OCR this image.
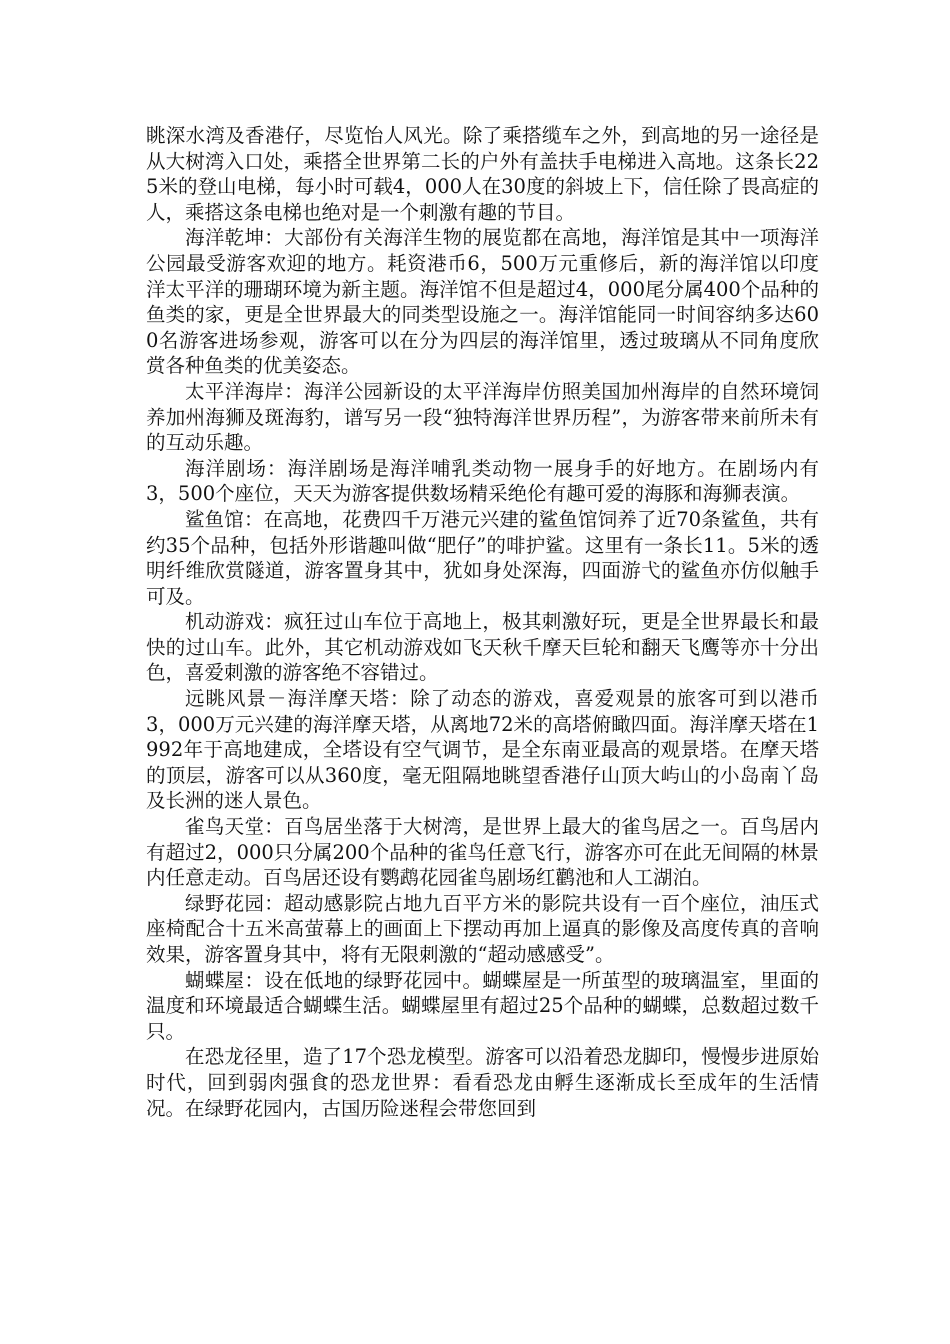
眺深水湾及香港仔，尽览怡人风光。除了乘搭缆车之外，到高地的另一途径是从大树湾入口处，乘搭全世界第二长的户外有盖扶手电梯进入高地。这条长225米的登山电梯，每小时可载4，000人在30度的斜坡上下，信任除了畏高症的人，乘搭这条电梯也绝对是一个刺激有趣的节目。

海洋乾坤：大部份有关海洋生物的展览都在高地，海洋馆是其中一项海洋公园最受游客欢迎的地方。耗资港币6，500万元重修后，新的海洋馆以印度洋太平洋的珊瑚环境为新主题。海洋馆不但是超过4，000尾分属400个品种的鱼类的家，更是全世界最大的同类型设施之一。海洋馆能同一时间容纳多达600名游客进场参观，游客可以在分为四层的海洋馆里，透过玻璃从不同角度欣赏各种鱼类的优美姿态。

太平洋海岸：海洋公园新设的太平洋海岸仿照美国加州海岸的自然环境饲养加州海狮及斑海豹，谱写另一段“独特海洋世界历程”，为游客带来前所未有的互动乐趣。

海洋剧场：海洋剧场是海洋哺乳类动物一展身手的好地方。在剧场内有3，500个座位，天天为游客提供数场精采绝伦有趣可爱的海豚和海狮表演。

鲨鱼馆：在高地，花费四千万港元兴建的鲨鱼馆饲养了近70条鲨鱼，共有约35个品种，包括外形谐趣叫做“肥仔”的啡护鲨。这里有一条长11。5米的透明纤维欣赏隧道，游客置身其中，犹如身处深海，四面游弋的鲨鱼亦仿似触手可及。

机动游戏：疯狂过山车位于高地上，极其刺激好玩，更是全世界最长和最快的过山车。此外，其它机动游戏如飞天秋千摩天巨轮和翻天飞鹰等亦十分出色，喜爱刺激的游客绝不容错过。

远眺风景－海洋摩天塔：除了动态的游戏，喜爱观景的旅客可到以港币3，000万元兴建的海洋摩天塔，从离地72米的高塔俯瞰四面。海洋摩天塔在1992年于高地建成，全塔设有空气调节，是全东南亚最高的观景塔。在摩天塔的顶层，游客可以从360度，毫无阻隔地眺望香港仔山顶大屿山的小岛南丫岛及长洲的迷人景色。

雀鸟天堂：百鸟居坐落于大树湾，是世界上最大的雀鸟居之一。百鸟居内有超过2，000只分属200个品种的雀鸟任意飞行，游客亦可在此无间隔的林景内任意走动。百鸟居还设有鹦鹉花园雀鸟剧场红鹳池和人工湖泊。

绿野花园：超动感影院占地九百平方米的影院共设有一百个座位，油压式座椅配合十五米高萤幕上的画面上下摆动再加上逼真的影像及高度传真的音响效果，游客置身其中，将有无限刺激的“超动感感受”。

蝴蝶屋：设在低地的绿野花园中。蝴蝶屋是一所茧型的玻璃温室，里面的温度和环境最适合蝴蝶生活。蝴蝶屋里有超过25个品种的蝴蝶，总数超过数千只。

在恐龙径里，造了17个恐龙模型。游客可以沿着恐龙脚印，慢慢步进原始时代，回到弱肉强食的恐龙世界：看看恐龙由孵生逐渐成长至成年的生活情况。在绿野花园内，古国历险迷程会带您回到
